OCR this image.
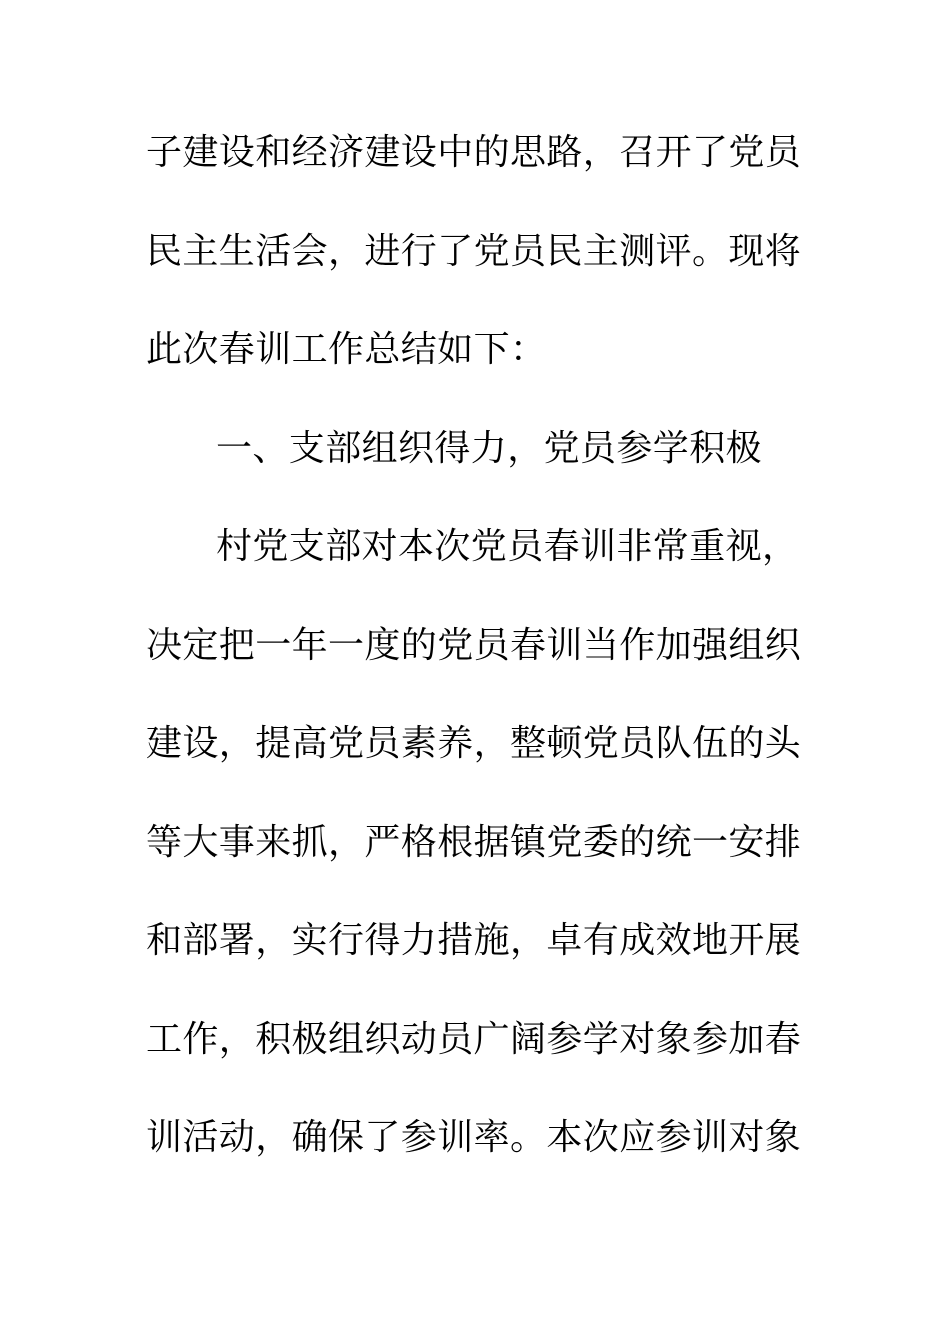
子建设和经济建设中的思路，召开了党员
民主生活会，进行了党员民主测评。现将
此次春训工作总结如下：
一、支部组织得力，党员参学积极
村党支部对本次党员春训非常重视，
决定把一年一度的党员春训当作加强组织
建设，提高党员素养，整顿党员队伍的头
等大事来抓，严格根据镇党委的统一安排
和部署，实行得力措施，卓有成效地开展
工作，积极组织动员广阔参学对象参加春
训活动，确保了参训率。本次应参训对象
